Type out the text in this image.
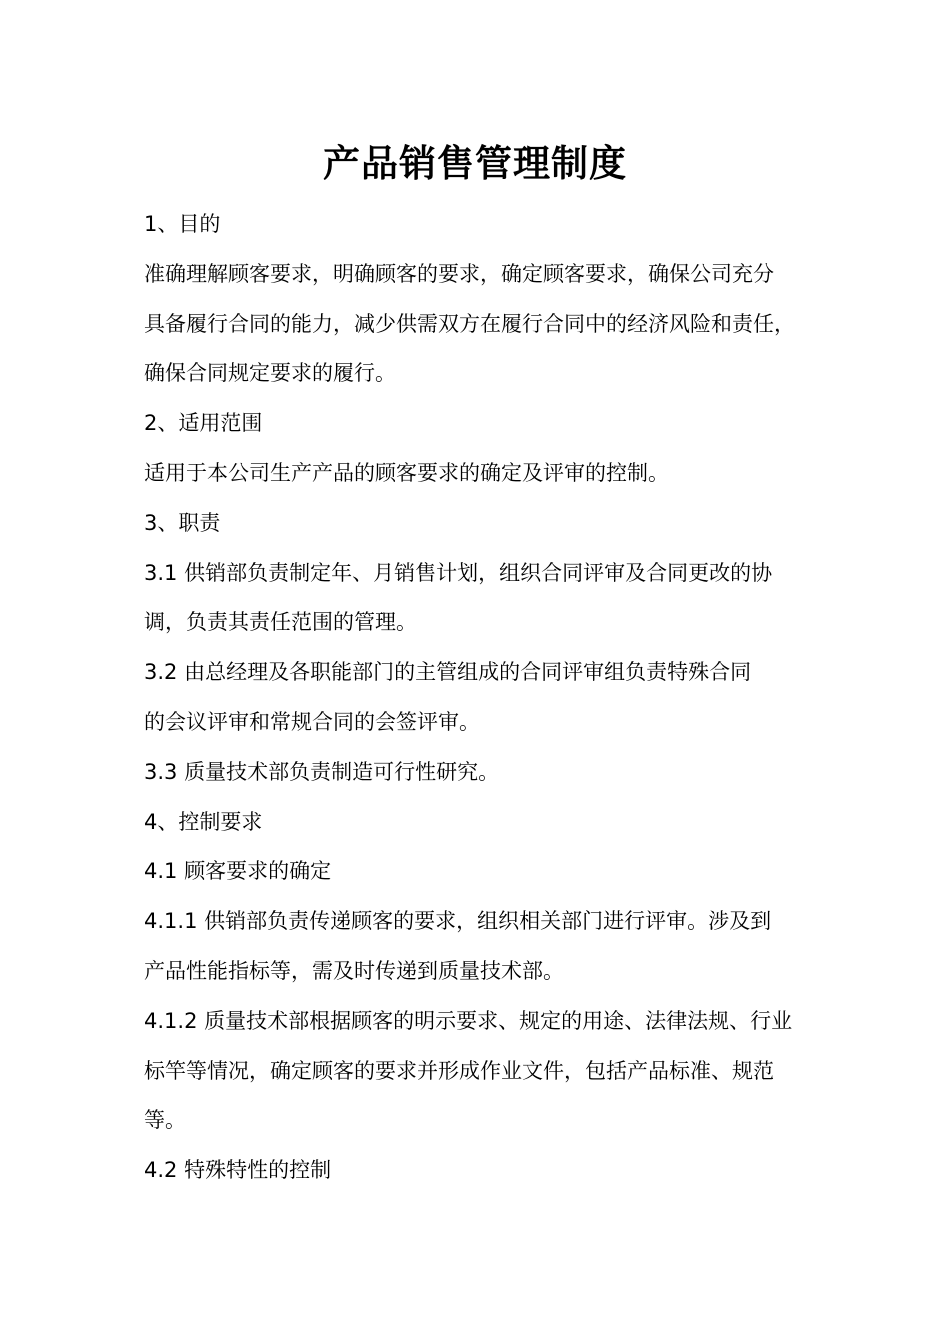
产品销售管理制度
1、目的
准确理解顾客要求，明确顾客的要求，确定顾客要求，确保公司充分
具备履行合同的能力，减少供需双方在履行合同中的经济风险和责任，
确保合同规定要求的履行。
2、适用范围
适用于本公司生产产品的顾客要求的确定及评审的控制。
3、职责
3.1 供销部负责制定年、月销售计划，组织合同评审及合同更改的协
调，负责其责任范围的管理。
3.2 由总经理及各职能部门的主管组成的合同评审组负责特殊合同
的会议评审和常规合同的会签评审。
3.3 质量技术部负责制造可行性研究。
4、控制要求
4.1 顾客要求的确定
4.1.1 供销部负责传递顾客的要求，组织相关部门进行评审。涉及到
产品性能指标等，需及时传递到质量技术部。
4.1.2 质量技术部根据顾客的明示要求、规定的用途、法律法规、行业
标竿等情况，确定顾客的要求并形成作业文件，包括产品标准、规范
等。
4.2 特殊特性的控制
